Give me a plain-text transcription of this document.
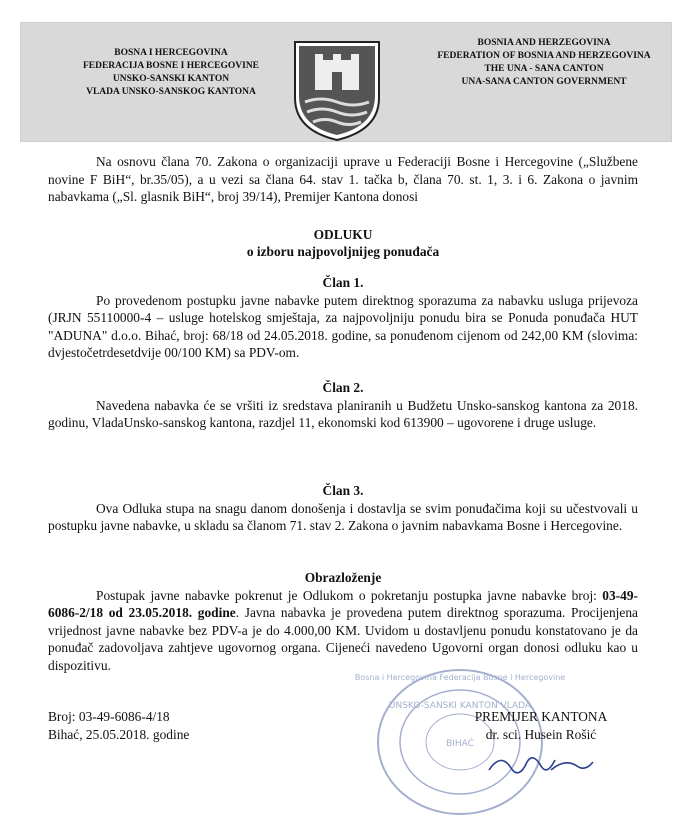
BOSNA I HERCEGOVINA
FEDERACIJA BOSNE I HERCEGOVINE
UNSKO-SANSKI KANTON
VLADA UNSKO-SANSKOG KANTONA
BOSNIA AND HERZEGOVINA
FEDERATION OF BOSNIA AND HERZEGOVINA
THE UNA - SANA CANTON
UNA-SANA CANTON GOVERNMENT

Na osnovu člana 70. Zakona o organizaciji uprave u Federaciji Bosne i Hercegovine („Službene novine F BiH“, br.35/05), a u vezi sa člana 64. stav 1. tačka b, člana 70. st. 1, 3. i 6. Zakona o javnim nabavkama („Sl. glasnik BiH“, broj 39/14), Premijer Kantona donosi

ODLUKU

o izboru najpovoljnijeg ponuđača

Član 1.

Po provedenom postupku javne nabavke putem direktnog sporazuma za nabavku usluga prijevoza (JRJN 55110000-4 – usluge hotelskog smještaja, za najpovoljniju ponudu bira se Ponuda ponuđača HUT "ADUNA" d.o.o. Bihać, broj: 68/18 od 24.05.2018. godine, sa ponuđenom cijenom od 242,00 KM (slovima: dvjestočetrdesetdvije 00/100 KM) sa PDV-om.

Član 2.

Navedena nabavka će se vršiti iz sredstava planiranih u Budžetu Unsko-sanskog kantona za 2018. godinu, VladaUnsko-sanskog kantona, razdjel 11, ekonomski kod 613900 – ugovorene i druge usluge.

Član 3.

Ova Odluka stupa na snagu danom donošenja i dostavlja se svim ponuđačima koji su učestvovali u postupku javne nabavke, u skladu sa članom 71. stav 2. Zakona o javnim nabavkama Bosne i Hercegovine.

Obrazloženje

Postupak javne nabavke pokrenut je Odlukom o pokretanju postupka javne nabavke broj: 03-49-6086-2/18 od 23.05.2018. godine. Javna nabavka je provedena putem direktnog sporazuma. Procijenjena vrijednost javne nabavke bez PDV-a je do 4.000,00 KM. Uvidom u dostavljenu ponudu konstatovano je da ponuđač zadovoljava zahtjeve ugovornog organa. Cijeneći navedeno Ugovorni organ donosi odluku kao u dispozitivu.

Bosna i Hercegovina Federacija Bosne i Hercegovine
UNSKO-SANSKI KANTON VLADA
BIHAĆ
Broj: 03-49-6086-4/18
Bihać, 25.05.2018. godine
PREMIJER KANTONA
dr. sci. Husein Rošić
